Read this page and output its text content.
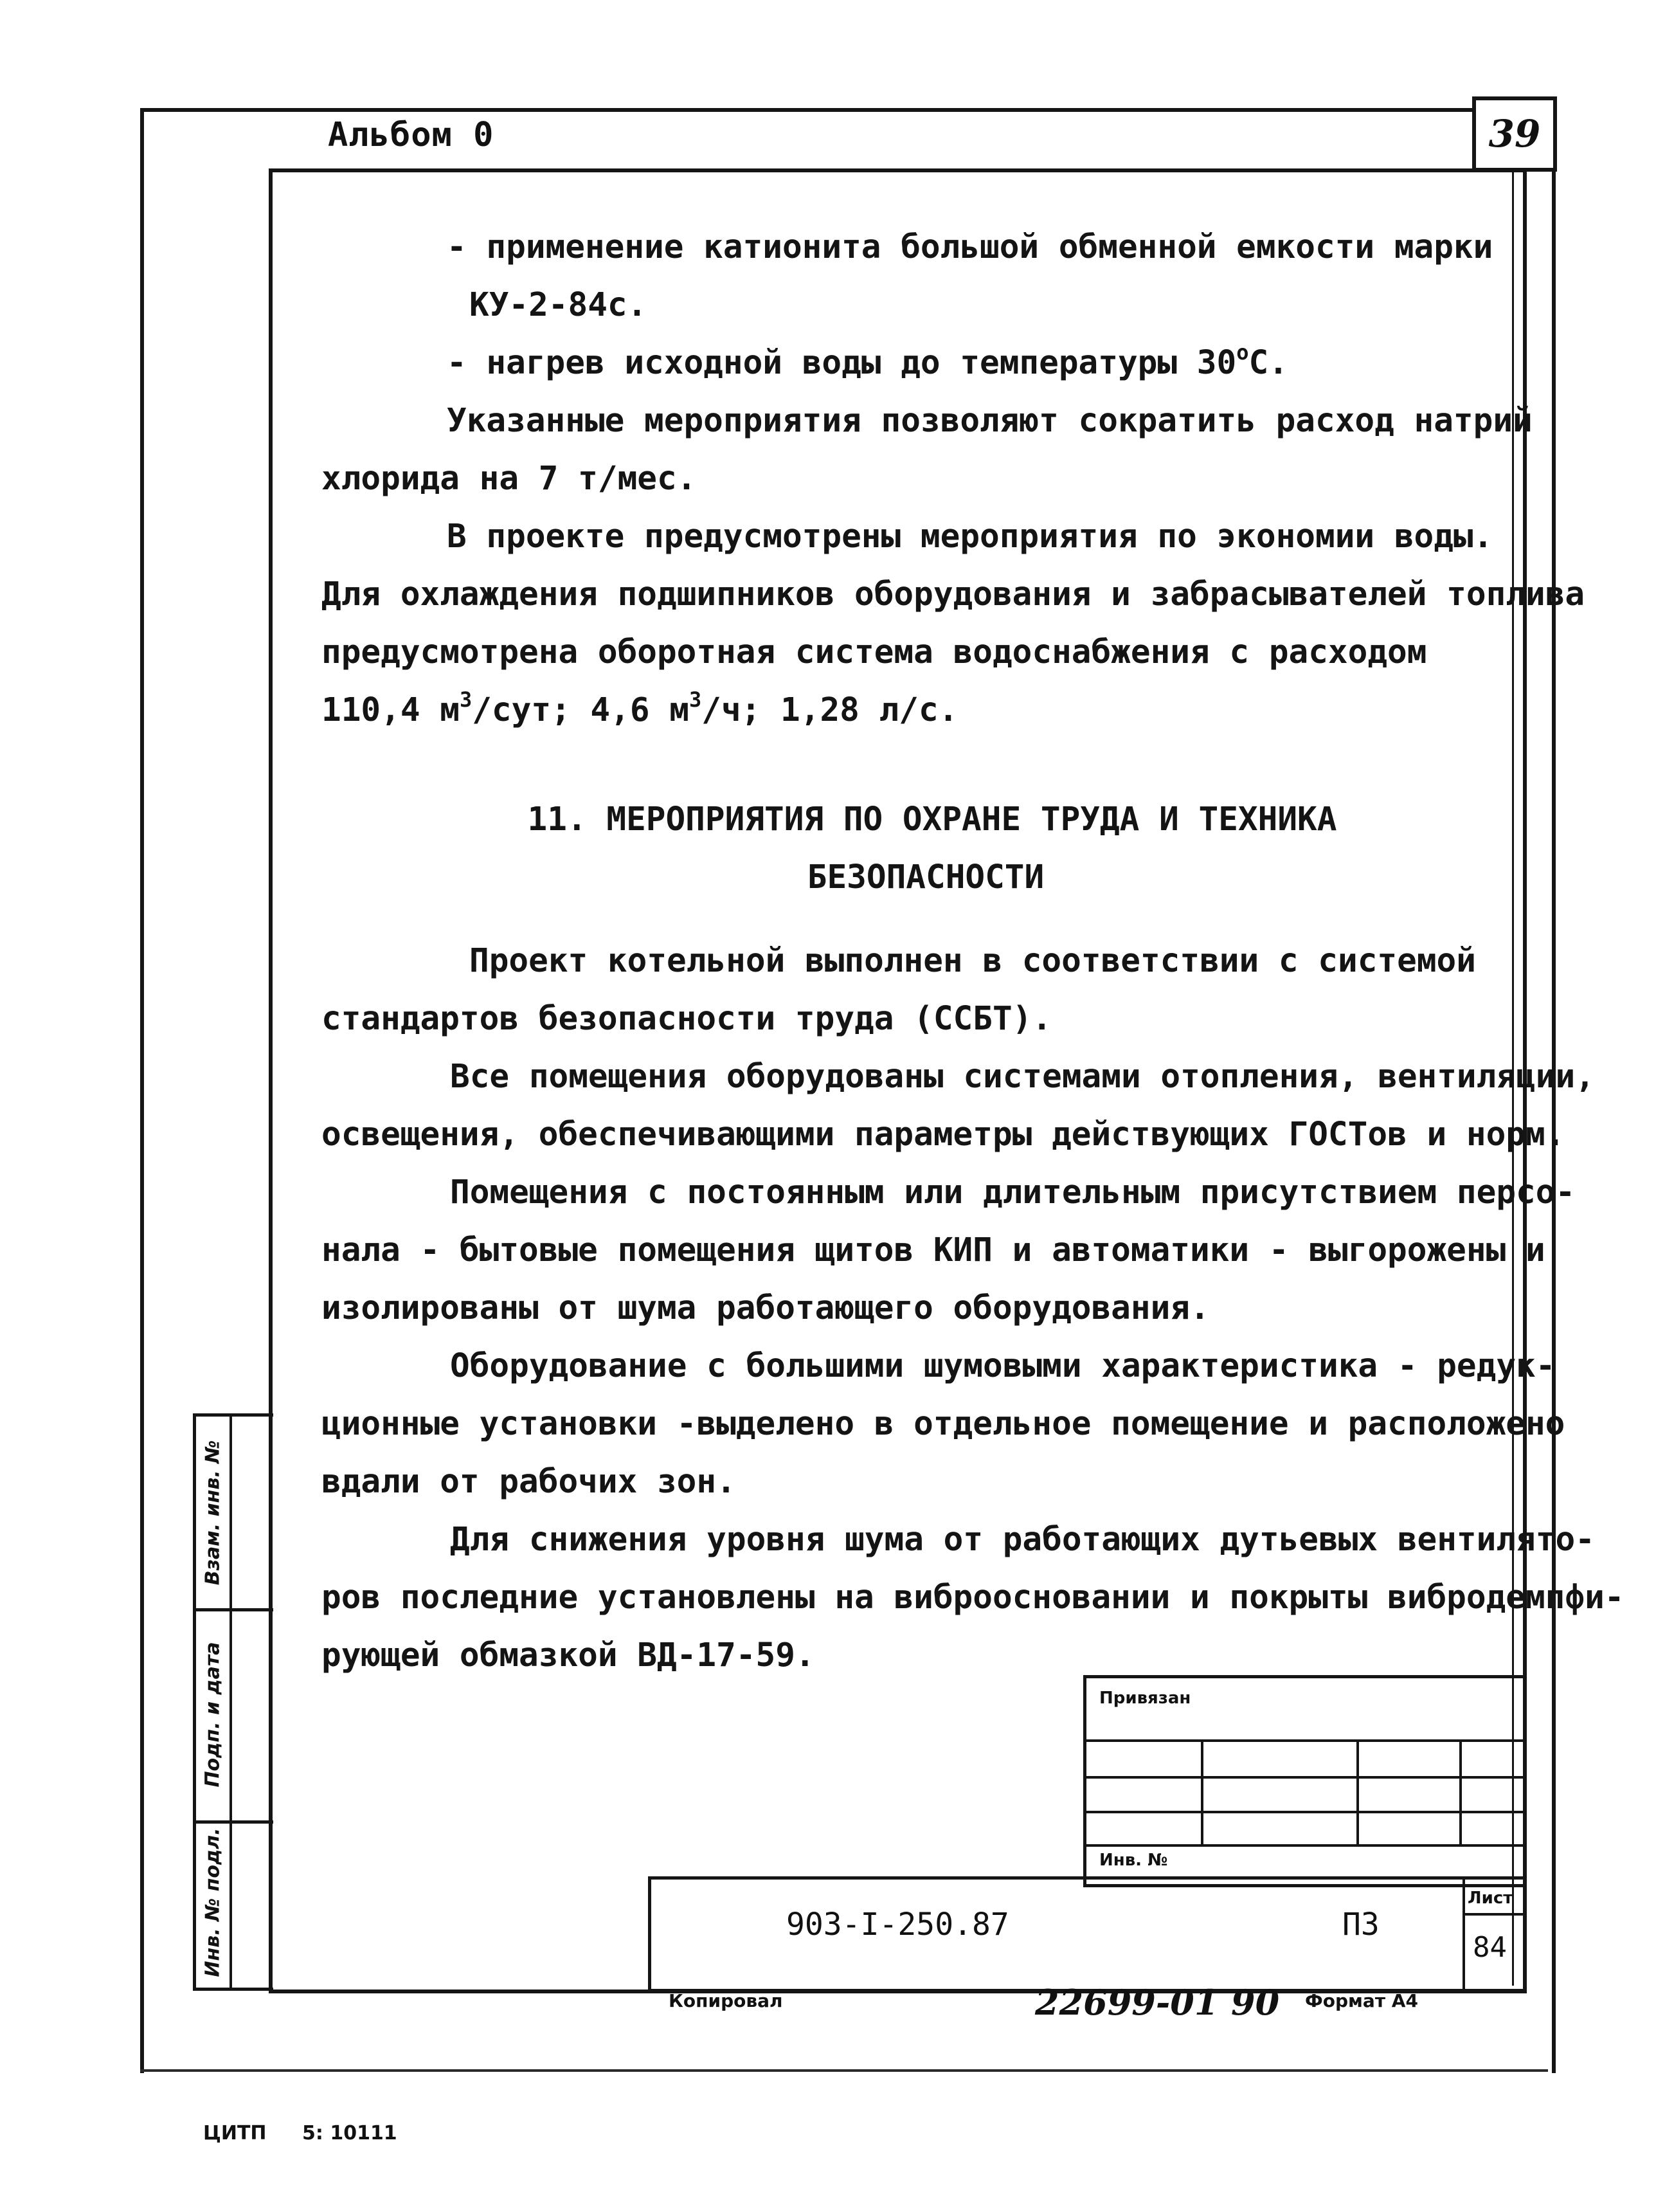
Альбом 0	39
- применение катионита большой обменной емкости марки
КУ-2-84с.
- нагрев исходной воды до температуры 30$^o$С.
Указанные мероприятия позволяют сократить расход натрий
хлорида на 7 т/мес.
В проекте предусмотрены мероприятия по экономии воды.
Для охлаждения подшипников оборудования и забрасывателей топлива
предусмотрена оборотная система водоснабжения с расходом
110,4 $м^3$/сут; 4,6 $м^3/ч$; 1,28 л/с.
11. МЕРОПРИЯТИЯ ПО ОХРАНЕ ТРУДА И ТЕХНИКА
БЕЗОПАСНОСТИ
Проект котельной выполнен в соответствии с системой
стандартов безопасности труда (ССБТ).
Все помещения оборудованы системами отопления, вентиляции,
освещения, обеспечивающими параметры действующих ГОСТов и норм.
Помещения с постоянным или длительным присутствием персо-
нала - бытовые помещения щитов КИП и автоматики - выгорожены и
изолированы от шума работающего оборудования.
Оборудование с большими шумовыми характеристика - редук-
ционные установки -выделено в отдельное помещение и расположено
вдали от рабочих зон.
Для снижения уровня шума от работающих дутьевых вентилято-
ров последние установлены на виброосновании и покрыты вибродемпфи-
рующей обмазкой ВД-17-59.
Взам. инв. №
Подп. и дата
Инв. № подл.
Привязан
Инв. №
903-I-250.87	ПЗ
Лист
84
Копировал	22699-01 90 Формат А4
ЦИТП 5: 10111
